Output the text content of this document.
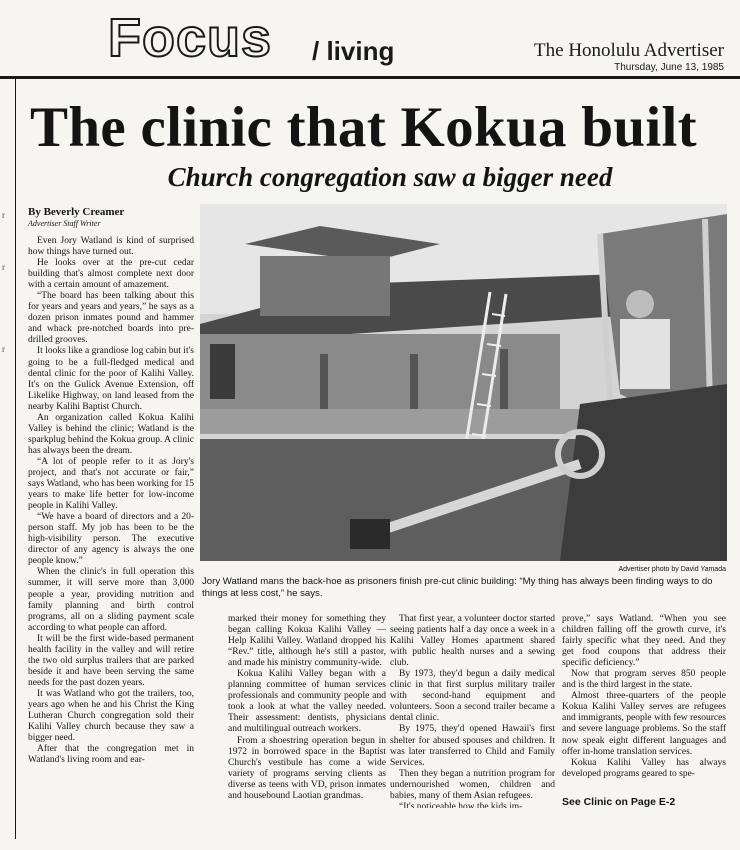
Focus / living	The Honolulu Advertiser
Thursday, June 13, 1985
r
r
r
The clinic that Kokua built
Church congregation saw a bigger need
By Beverly Creamer
Advertiser Staff Writer
Advertiser photo by David Yamada
Jory Watland mans the back-hoe as prisoners finish pre-cut clinic building: “My thing has always been finding ways to do things at less cost,” he says.

Even Jory Watland is kind of surprised how things have turned out.

He looks over at the pre-cut cedar building that's almost complete next door with a certain amount of amazement.

“The board has been talking about this for years and years and years,” he says as a dozen prison inmates pound and hammer and whack pre-notched boards into pre-drilled grooves.

It looks like a grandiose log cabin but it's going to be a full-fledged medical and dental clinic for the poor of Kalihi Valley. It's on the Gulick Avenue Extension, off Likelike Highway, on land leased from the nearby Kalihi Baptist Church.

An organization called Kokua Kalihi Valley is behind the clinic; Watland is the sparkplug behind the Kokua group. A clinic has always been the dream.

“A lot of people refer to it as Jory's project, and that's not accurate or fair,” says Watland, who has been working for 15 years to make life better for low-income people in Kalihi Valley.

“We have a board of directors and a 20-person staff. My job has been to be the high-visibility person. The executive director of any agency is always the one people know.”

When the clinic's in full operation this summer, it will serve more than 3,000 people a year, providing nutrition and family planning and birth control programs, all on a sliding payment scale according to what people can afford.

It will be the first wide-based permanent health facility in the valley and will retire the two old surplus trailers that are parked beside it and have been serving the same needs for the past dozen years.

It was Watland who got the trailers, too, years ago when he and his Christ the King Lutheran Church congregation sold their Kalihi Valley church because they saw a bigger need.

After that the congregation met in Watland's living room and ear-

marked their money for something they began calling Kokua Kalihi Valley — Help Kalihi Valley. Watland dropped his “Rev.” title, although he's still a pastor, and made his ministry community-wide.

Kokua Kalihi Valley began with a planning committee of human services professionals and community people and took a look at what the valley needed. Their assessment: dentists, physicians and multilingual outreach workers.

From a shoestring operation begun in 1972 in borrowed space in the Baptist Church's vestibule has come a wide variety of programs serving clients as diverse as teens with VD, prison inmates and housebound Laotian grandmas.

That first year, a volunteer doctor started seeing patients half a day once a week in a Kalihi Valley Homes apartment shared with public health nurses and a sewing club.

By 1973, they'd begun a daily medical clinic in that first surplus military trailer with second-hand equipment and volunteers. Soon a second trailer became a dental clinic.

By 1975, they'd opened Hawaii's first shelter for abused spouses and children. It was later transferred to Child and Family Services.

Then they began a nutrition program for undernourished women, children and babies, many of them Asian refugees.

“It's noticeable how the kids im-

prove,” says Watland. “When you see children falling off the growth curve, it's fairly specific what they need. And they get food coupons that address their specific deficiency.”

Now that program serves 850 people and is the third largest in the state.

Almost three-quarters of the people Kokua Kalihi Valley serves are refugees and immigrants, people with few resources and severe language problems. So the staff now speak eight different languages and offer in-home translation services.

Kokua Kalihi Valley has always developed programs geared to spe-

See Clinic on Page E-2
